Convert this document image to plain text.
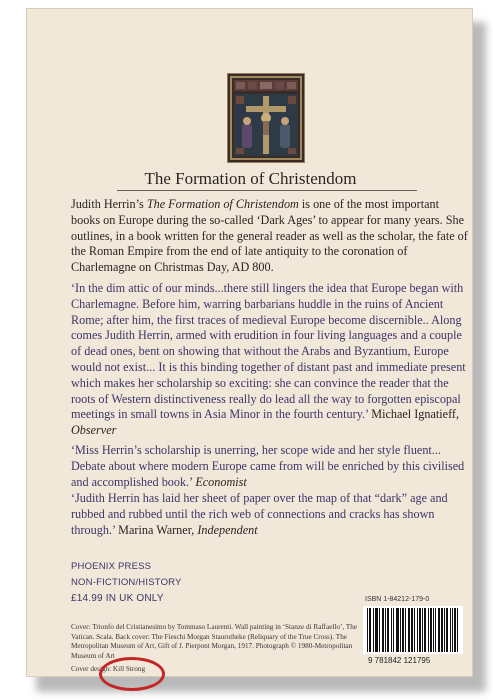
The Formation of Christendom

Judith Herrin’s The Formation of Christendom is one of the most important books on Europe during the so-called ‘Dark Ages’ to appear for many years. She outlines, in a book written for the general reader as well as the scholar, the fate of the Roman Empire from the end of late antiquity to the coronation of Charlemagne on Christmas Day, AD 800.

‘In the dim attic of our minds...there still lingers the idea that Europe began with Charlemagne. Before him, warring barbarians huddle in the ruins of Ancient Rome; after him, the first traces of medieval Europe become discernible.. Along comes Judith Herrin, armed with erudition in four living languages and a couple of dead ones, bent on showing that without the Arabs and Byzantium, Europe would not exist... It is this binding together of distant past and immediate present which makes her scholarship so exciting: she can convince the reader that the roots of Western distinctiveness really do lead all the way to forgotten episcopal meetings in small towns in Asia Minor in the fourth century.’ Michael Ignatieff, Observer

‘Miss Herrin’s scholarship is unerring, her scope wide and her style fluent... Debate about where modern Europe came from will be enriched by this civilised and accomplished book.’ Economist

‘Judith Herrin has laid her sheet of paper over the map of that “dark” age and rubbed and rubbed until the rich web of connections and cracks has shown through.’ Marina Warner, Independent

PHOENIX PRESS
NON-FICTION/HISTORY
£14.99 IN UK ONLY
Cover: Trionfo del Cristianesimo by Tommaso Laurenti. Wall painting in ‘Stanze di Raffaello’, The Vatican. Scala. Back cover: The Fieschi Morgan Staurothekе (Reliquary of the True Cross). The Metropolitan Museum of Art, Gift of J. Pierpont Morgan, 1917. Photograph © 1980-Metropolitan Museum of Art
Cover design: Kill Strong
ISBN 1-84212-179-0
9 781842 121795
